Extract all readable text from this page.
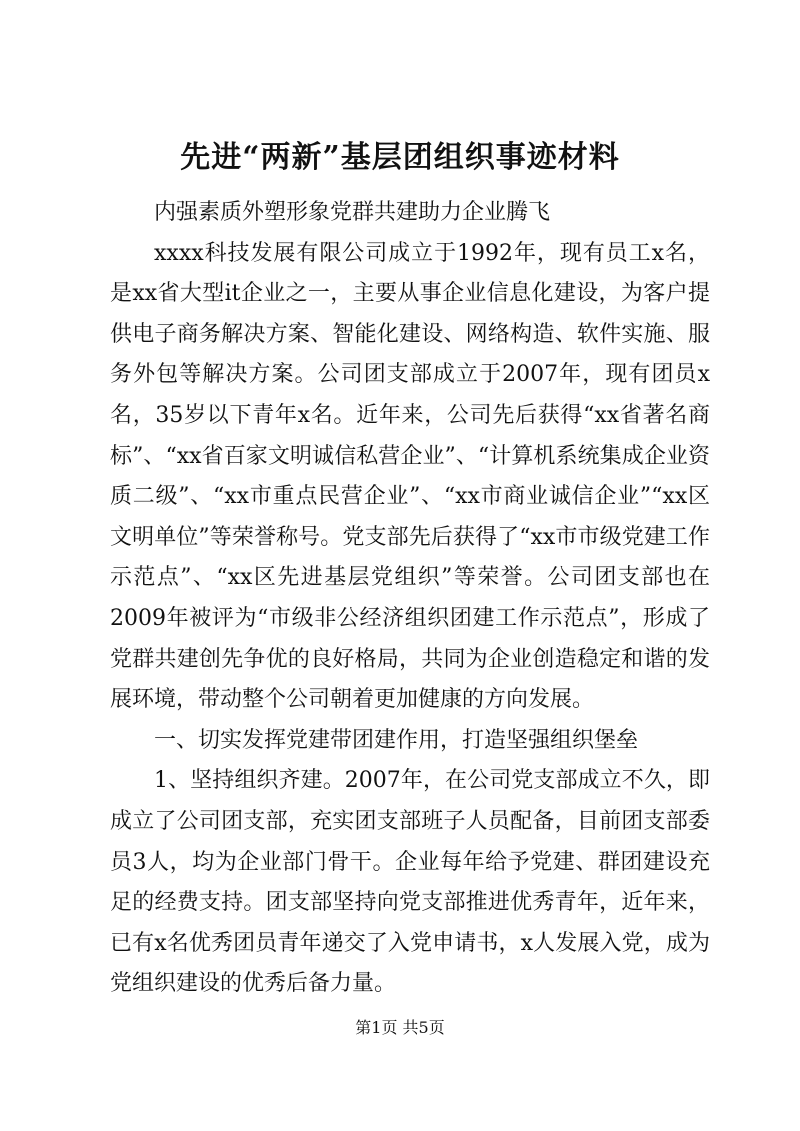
先进“两新”基层团组织事迹材料

内强素质外塑形象党群共建助力企业腾飞

xxxx科技发展有限公司成立于1992年，现有员工x名，是xx省大型it企业之一，主要从事企业信息化建设，为客户提供电子商务解决方案、智能化建设、网络构造、软件实施、服务外包等解决方案。公司团支部成立于2007年，现有团员x名，35岁以下青年x名。近年来，公司先后获得“xx省著名商标”、“xx省百家文明诚信私营企业”、“计算机系统集成企业资质二级”、“xx市重点民营企业”、“xx市商业诚信企业”“xx区文明单位”等荣誉称号。党支部先后获得了“xx市市级党建工作示范点”、“xx区先进基层党组织”等荣誉。公司团支部也在2009年被评为“市级非公经济组织团建工作示范点”，形成了党群共建创先争优的良好格局，共同为企业创造稳定和谐的发展环境，带动整个公司朝着更加健康的方向发展。

一、切实发挥党建带团建作用，打造坚强组织堡垒

1、坚持组织齐建。2007年，在公司党支部成立不久，即成立了公司团支部，充实团支部班子人员配备，目前团支部委员3人，均为企业部门骨干。企业每年给予党建、群团建设充足的经费支持。团支部坚持向党支部推进优秀青年，近年来，已有x名优秀团员青年递交了入党申请书，x人发展入党，成为党组织建设的优秀后备力量。

第1页 共5页
